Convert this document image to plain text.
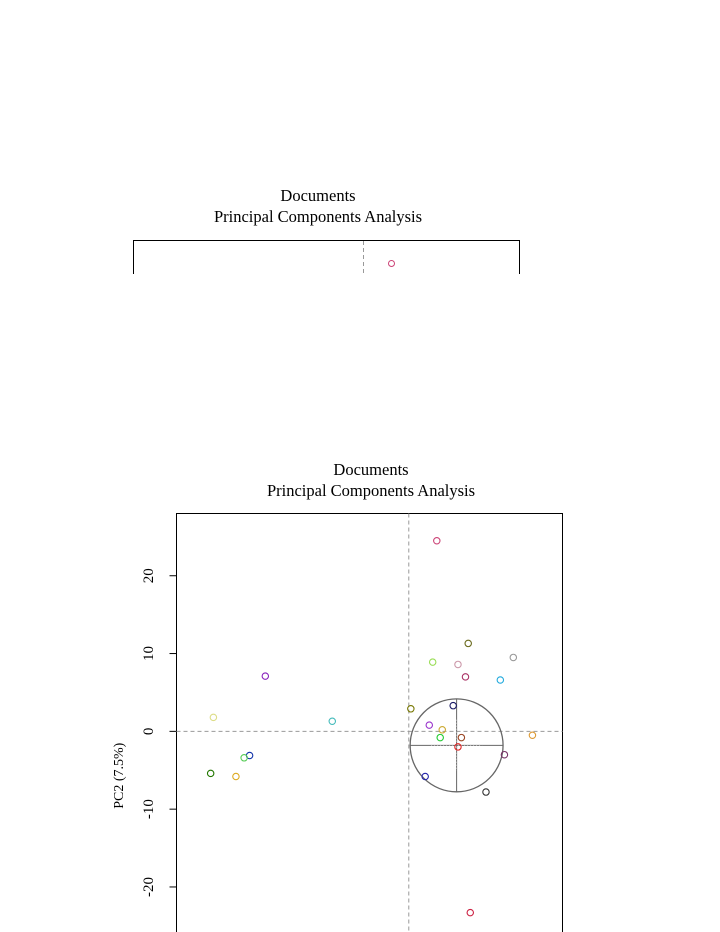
Documents
Principal Components Analysis
Documents
Principal Components Analysis
20
10
0
-10
-20
PC2 (7.5%)
